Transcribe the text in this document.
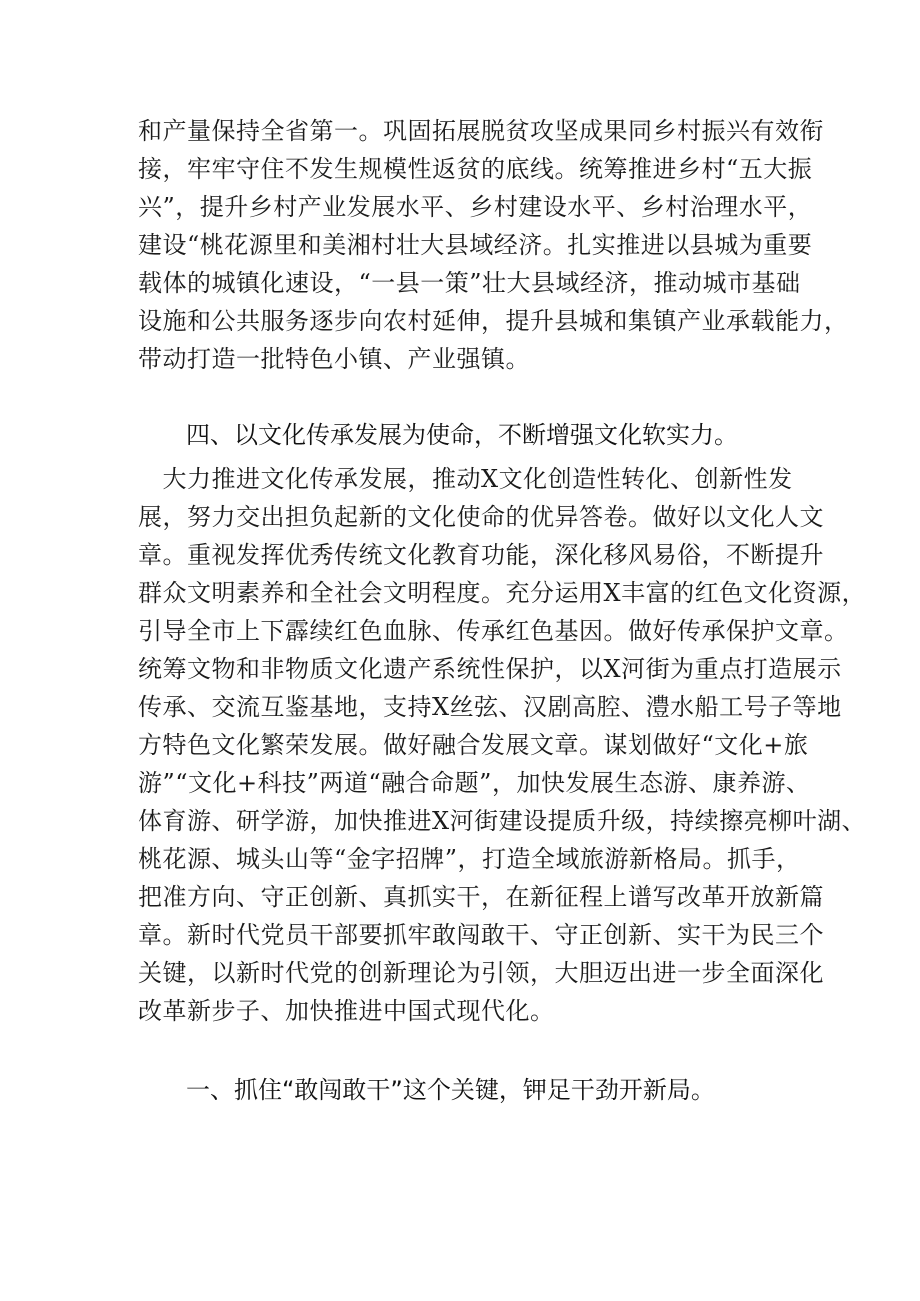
和产量保持全省第一。巩固拓展脱贫攻坚成果同乡村振兴有效衔
接，牢牢守住不发生规模性返贫的底线。统筹推进乡村“五大振
兴”，提升乡村产业发展水平、乡村建设水平、乡村治理水平，
建设“桃花源里和美湘村壮大县域经济。扎实推进以县城为重要
载体的城镇化速设，“一县一策”壮大县域经济，推动城市基础
设施和公共服务逐步向农村延伸，提升县城和集镇产业承载能力，
带动打造一批特色小镇、产业强镇。
四、以文化传承发展为使命，不断增强文化软实力。
　大力推进文化传承发展，推动X文化创造性转化、创新性发
展，努力交出担负起新的文化使命的优异答卷。做好以文化人文
章。重视发挥优秀传统文化教育功能，深化移风易俗，不断提升
群众文明素养和全社会文明程度。充分运用X丰富的红色文化资源，
引导全市上下霹续红色血脉、传承红色基因。做好传承保护文章。
统筹文物和非物质文化遗产系统性保护，以X河街为重点打造展示
传承、交流互鉴基地，支持X丝弦、汉剧高腔、澧水船工号子等地
方特色文化繁荣发展。做好融合发展文章。谋划做好“文化+旅
游”“文化+科技”两道“融合命题”，加快发展生态游、康养游、
体育游、研学游，加快推进X河街建设提质升级，持续擦亮柳叶湖、
桃花源、城头山等“金字招牌”，打造全域旅游新格局。抓手，
把准方向、守正创新、真抓实干，在新征程上谱写改革开放新篇
章。新时代党员干部要抓牢敢闯敢干、守正创新、实干为民三个
关键，以新时代党的创新理论为引领，大胆迈出进一步全面深化
改革新步子、加快推进中国式现代化。
一、抓住“敢闯敢干”这个关键，钾足干劲开新局。
